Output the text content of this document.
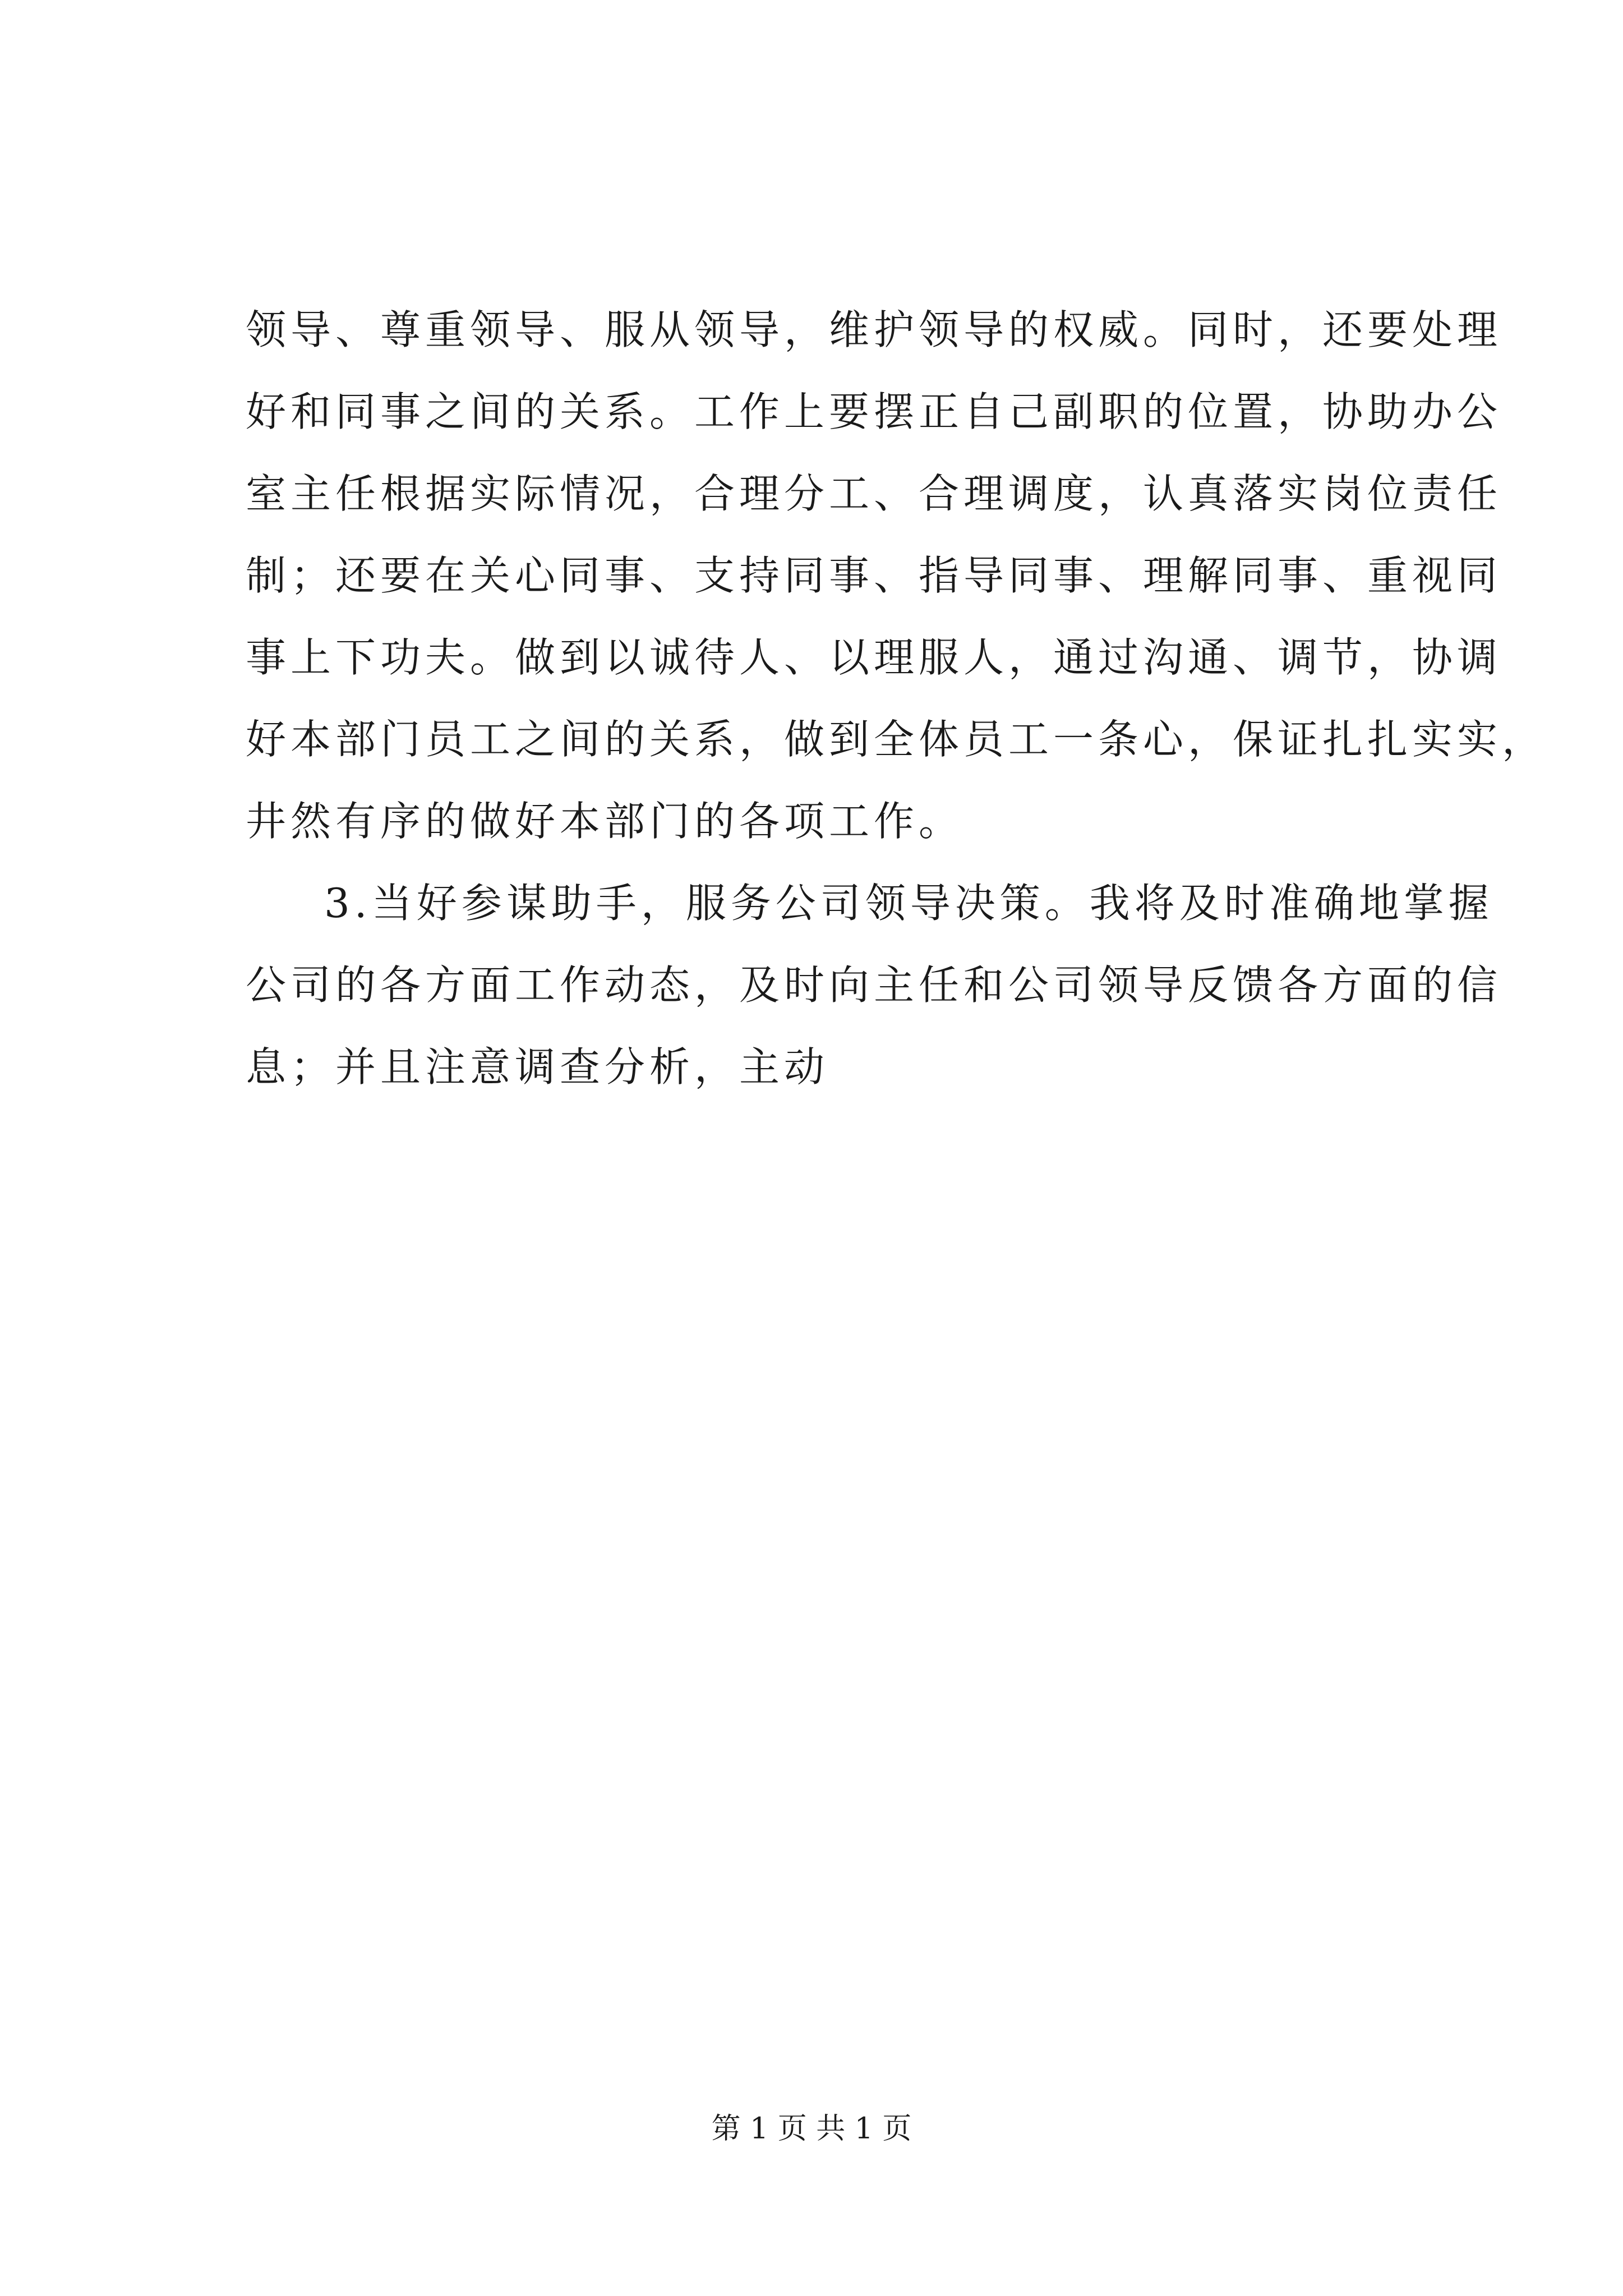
领导、尊重领导、服从领导，维护领导的权威。同时，还要处理
好和同事之间的关系。工作上要摆正自己副职的位置，协助办公
室主任根据实际情况，合理分工、合理调度，认真落实岗位责任
制；还要在关心同事、支持同事、指导同事、理解同事、重视同
事上下功夫。做到以诚待人、以理服人，通过沟通、调节，协调
好本部门员工之间的关系，做到全体员工一条心，保证扎扎实实，
井然有序的做好本部门的各项工作。
3.当好参谋助手，服务公司领导决策。我将及时准确地掌握
公司的各方面工作动态，及时向主任和公司领导反馈各方面的信
息；并且注意调查分析，主动
第 1 页 共 1 页
